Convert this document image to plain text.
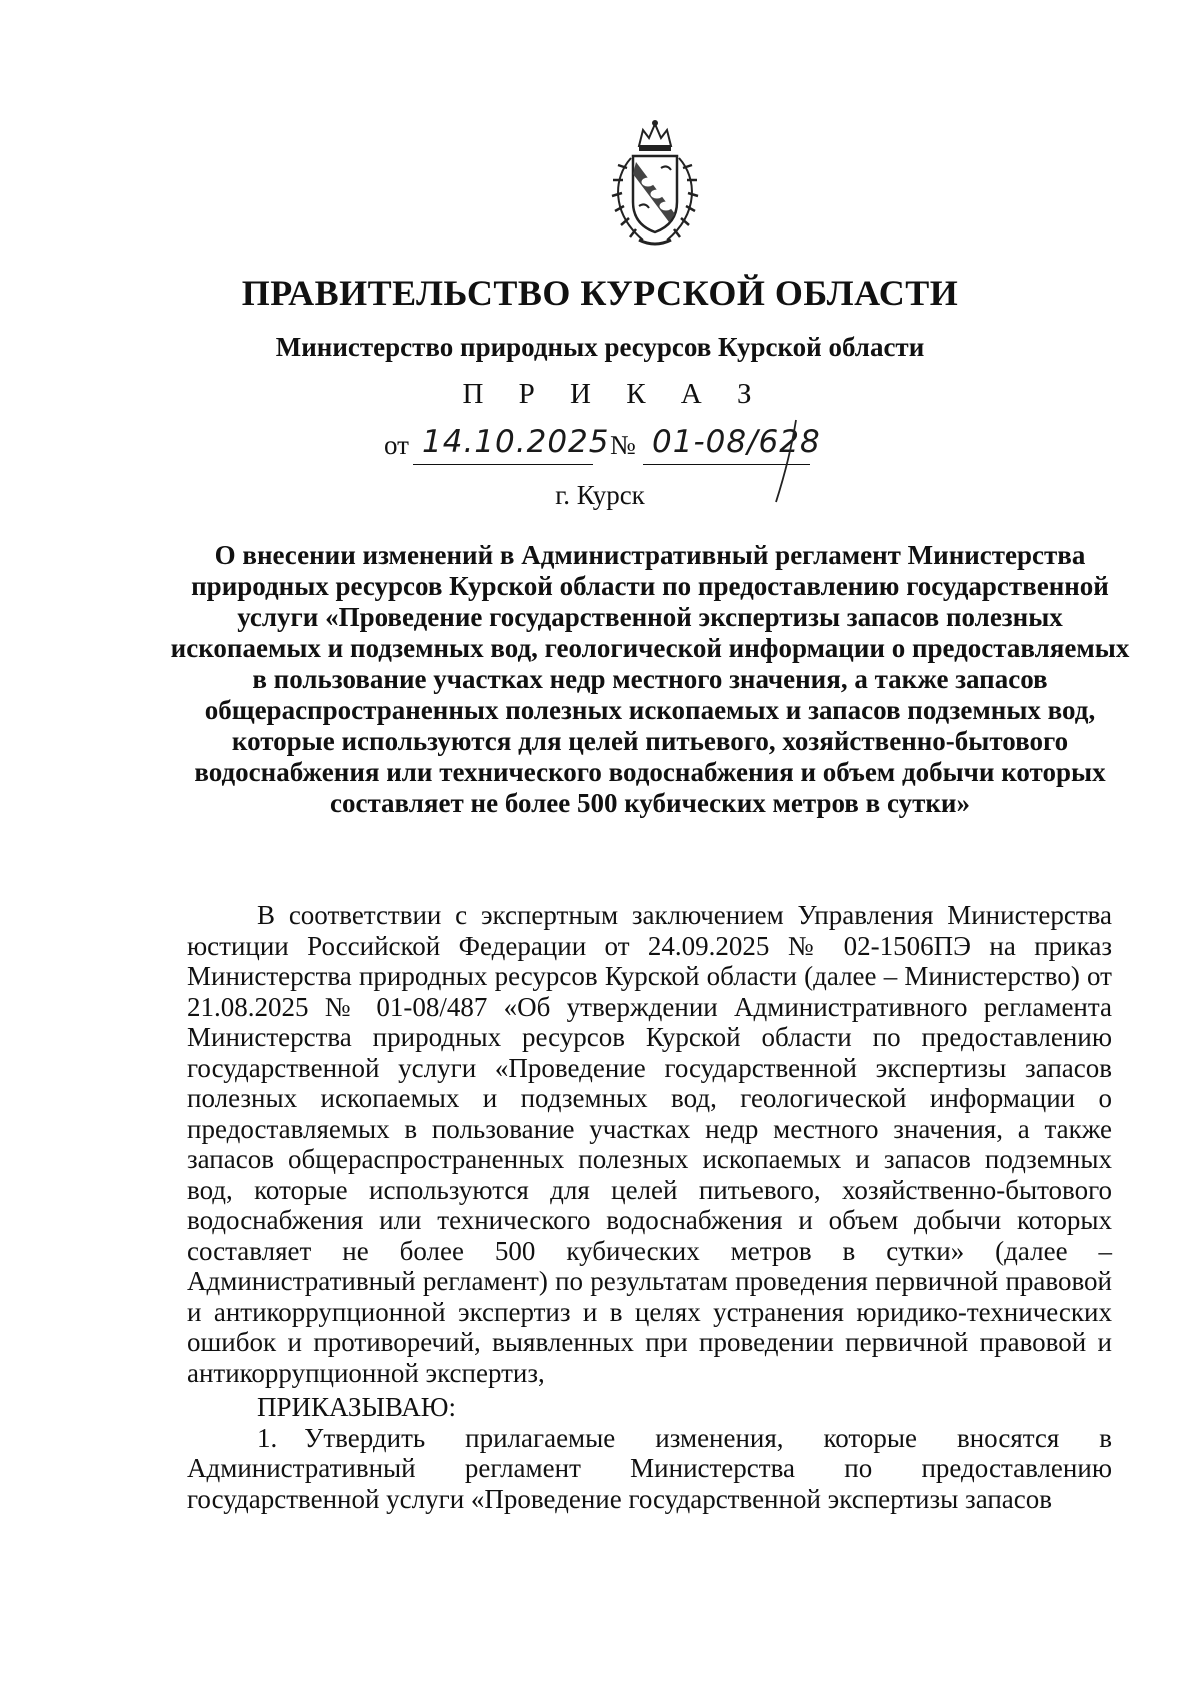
ПРАВИТЕЛЬСТВО КУРСКОЙ ОБЛАСТИ
Министерство природных ресурсов Курской области
П Р И К А З
от 14.10.2025 № 01-08/628
г. Курск
О внесении изменений в Административный регламент Министерства природных ресурсов Курской области по предоставлению государственной услуги «Проведение государственной экспертизы запасов полезных ископаемых и подземных вод, геологической информации о предоставляемых в пользование участках недр местного значения, а также запасов общераспространенных полезных ископаемых и запасов подземных вод, которые используются для целей питьевого, хозяйственно-бытового водоснабжения или технического водоснабжения и объем добычи которых составляет не более 500 кубических метров в сутки»

В соответствии с экспертным заключением Управления Министерства юстиции Российской Федерации от 24.09.2025 № 02-1506ПЭ на приказ Министерства природных ресурсов Курской области (далее – Министерство) от 21.08.2025 № 01-08/487 «Об утверждении Административного регламента Министерства природных ресурсов Курской области по предоставлению государственной услуги «Проведение государственной экспертизы запасов полезных ископаемых и подземных вод, геологической информации о предоставляемых в пользование участках недр местного значения, а также запасов общераспространенных полезных ископаемых и запасов подземных вод, которые используются для целей питьевого, хозяйственно-бытового водоснабжения или технического водоснабжения и объем добычи которых составляет не более 500 кубических метров в сутки» (далее – Административный регламент) по результатам проведения первичной правовой и антикоррупционной экспертиз и в целях устранения юридико-технических ошибок и противоречий, выявленных при проведении первичной правовой и антикоррупционной экспертиз,

ПРИКАЗЫВАЮ:

1. Утвердить прилагаемые изменения, которые вносятся в Административный регламент Министерства по предоставлению государственной услуги «Проведение государственной экспертизы запасов
